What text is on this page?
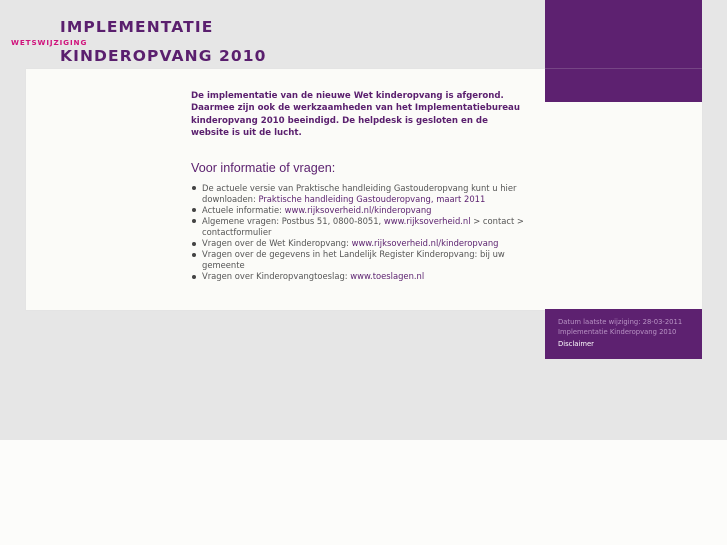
IMPLEMENTATIE
WETSWIJZIGING
KINDEROPVANG 2010

De implementatie van de nieuwe Wet kinderopvang is afgerond. Daarmee zijn ook de werkzaamheden van het Implementatiebureau kinderopvang 2010 beeindigd. De helpdesk is gesloten en de website is uit de lucht.

Voor informatie of vragen:
De actuele versie van Praktische handleiding Gastouderopvang kunt u hier downloaden: Praktische handleiding Gastouderopvang, maart 2011
Actuele informatie: www.rijksoverheid.nl/kinderopvang
Algemene vragen: Postbus 51, 0800-8051, www.rijksoverheid.nl > contact > contactformulier
Vragen over de Wet Kinderopvang: www.rijksoverheid.nl/kinderopvang
Vragen over de gegevens in het Landelijk Register Kinderopvang: bij uw gemeente
Vragen over Kinderopvangtoeslag: www.toeslagen.nl
Datum laatste wijziging: 28-03-2011
Implementatie Kinderopvang 2010
Disclaimer
